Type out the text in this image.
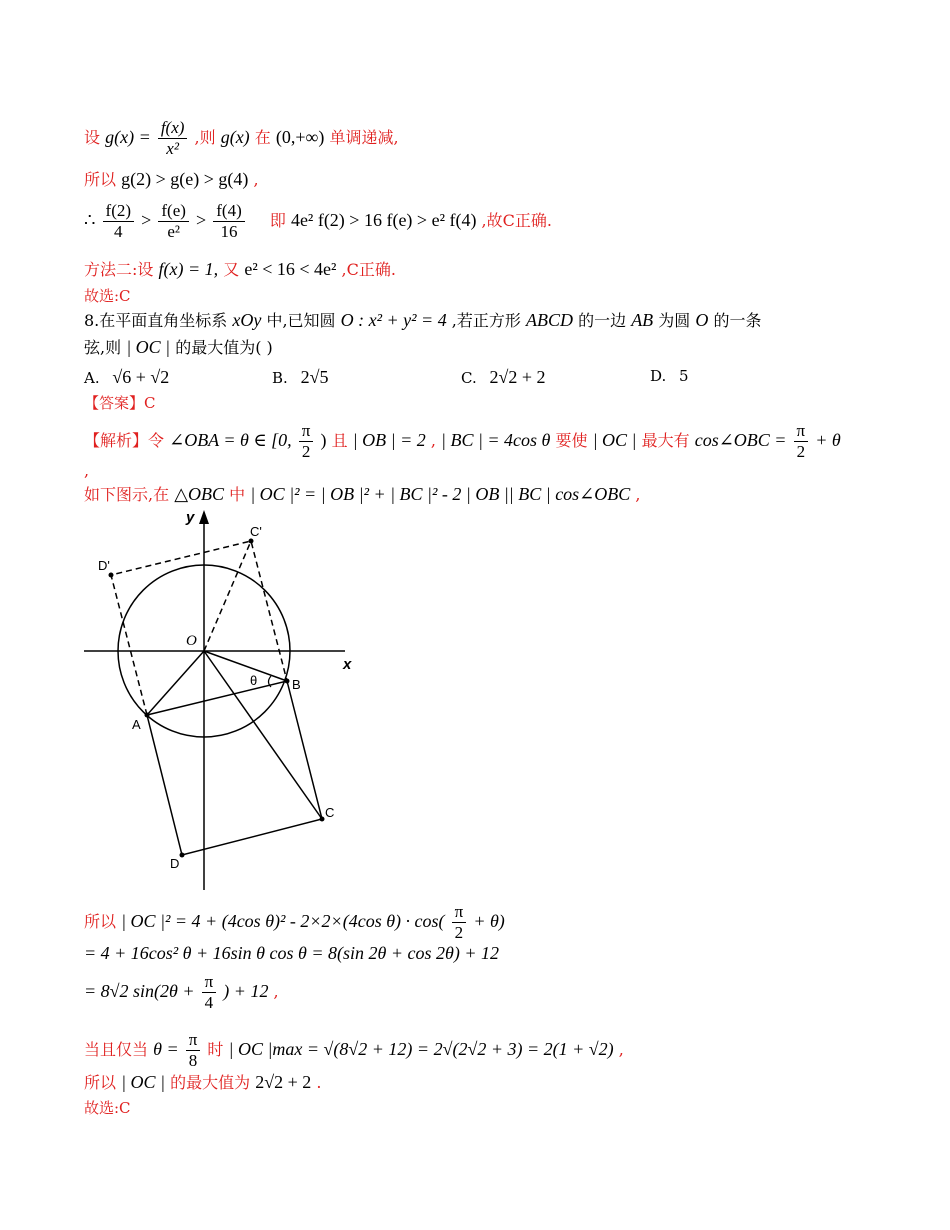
设 $g(x) = \frac{f(x)}{\text{x²}}$ ,则 g(x) 在 (0,+∞) 单调递减,
所以 g(2) > g(e) > g(4) ,
∴ $\frac{f(2)}{4} > \frac{f(e)}{\text{e²}} > \frac{f(4)}{16}$ 即 4e² f(2) > 16 f(e) > e² f(4) ,故C正确.
方法二:设 f(x) = 1, 又 e² < 16 < 4e² ,C正确.
故选:C
8.在平面直角坐标系 xOy 中,已知圆 O : x² + y² = 4 ,若正方形 ABCD 的一边 AB 为圆 O 的一条
弦,则 | OC | 的最大值为( )
A. √6 + √2	B. 2√5	C. 2√2 + 2	D. 5
【答案】C
【解析】令 ∠OBA = θ ∈ [0, $\frac{\pi}{2}$ ) 且 | OB | = 2 , | BC | = 4cos θ 要使 | OC | 最大有 cos∠OBC = $\frac{\pi}{2} + \theta$
,
如下图示,在 △OBC 中 | OC |² = | OB |² + | BC |² - 2 | OB || BC | cos∠OBC ,
y
x
O
A
B
C
D
C'
D'
θ
所以 | OC |² = 4 + (4cos θ)² - 2×2×(4cos $\theta) \cdot \cos( \frac{\pi}{2} + \theta)$
= 4 + 16cos² θ + 16sin θ cos θ = 8(sin 2θ + cos 2θ) + 12
= 8√2 $\sin(2\theta + \frac{\pi}{4}$ ) + 12 ,
当且仅当 $\theta = \frac{\pi}{8}$ 时 | OC |max = √(8√2 + 12) = 2√(2√2 + 3) = 2(1 + √2) ,
所以 | OC | 的最大值为 2√2 + 2 .
故选:C
